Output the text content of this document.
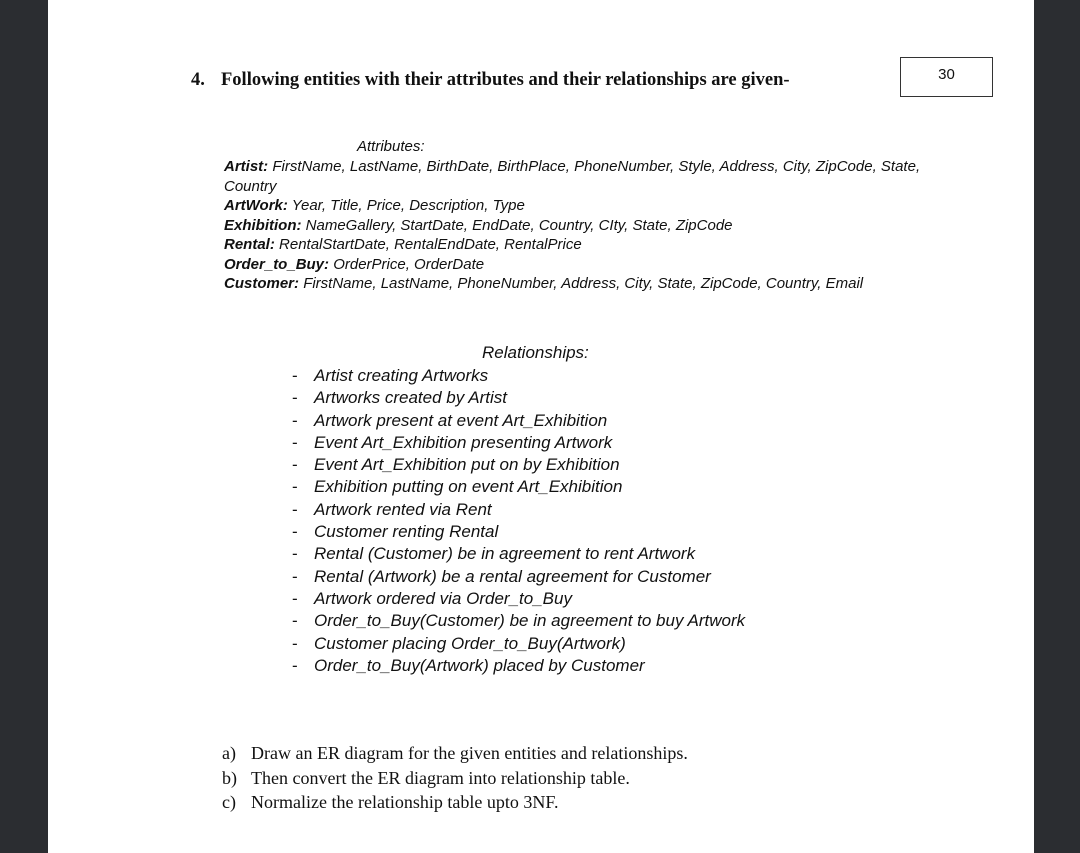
4. Following entities with their attributes and their relationships are given-	30
Attributes:
Artist: FirstName, LastName, BirthDate, BirthPlace, PhoneNumber, Style, Address, City, ZipCode, State, Country
ArtWork: Year, Title, Price, Description, Type
Exhibition: NameGallery, StartDate, EndDate, Country, CIty, State, ZipCode
Rental: RentalStartDate, RentalEndDate, RentalPrice
Order_to_Buy: OrderPrice, OrderDate
Customer: FirstName, LastName, PhoneNumber, Address, City, State, ZipCode, Country, Email
Relationships:
- Artist creating Artworks
- Artworks created by Artist
- Artwork present at event Art_Exhibition
- Event Art_Exhibition presenting Artwork
- Event Art_Exhibition put on by Exhibition
- Exhibition putting on event Art_Exhibition
- Artwork rented via Rent
- Customer renting Rental
- Rental (Customer) be in agreement to rent Artwork
- Rental (Artwork) be a rental agreement for Customer
- Artwork ordered via Order_to_Buy
- Order_to_Buy(Customer) be in agreement to buy Artwork
- Customer placing Order_to_Buy(Artwork)
- Order_to_Buy(Artwork) placed by Customer
a) Draw an ER diagram for the given entities and relationships.
b) Then convert the ER diagram into relationship table.
c) Normalize the relationship table upto 3NF.
